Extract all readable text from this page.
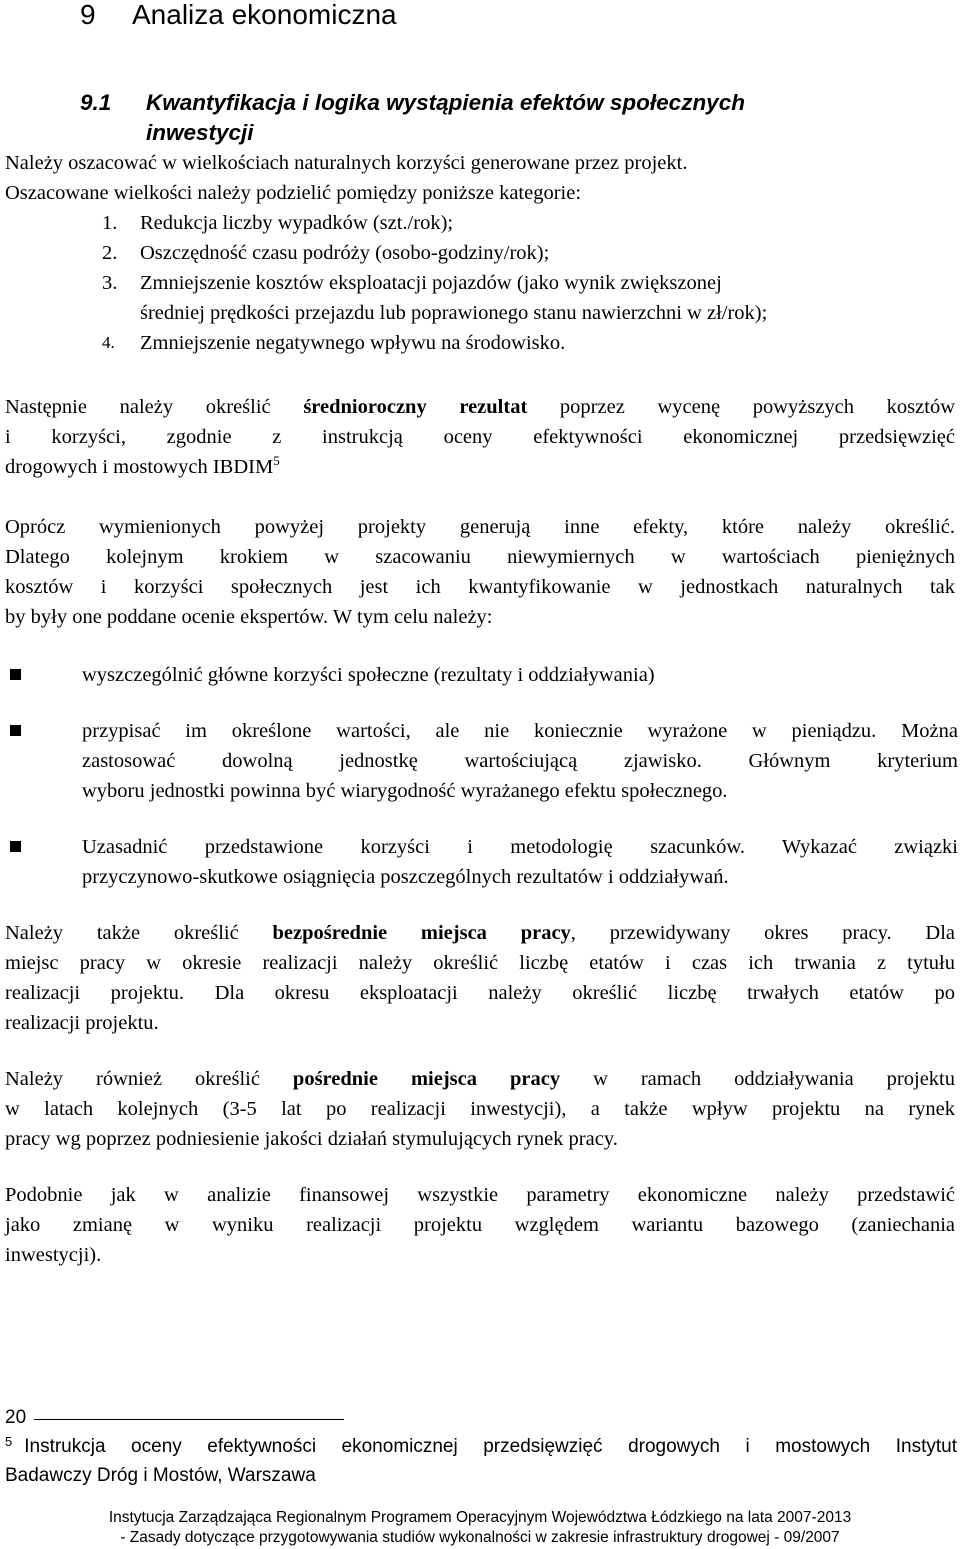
9 Analiza ekonomiczna
9.1 Kwantyfikacja i logika wystąpienia efektów społecznych
inwestycji
Należy oszacować w wielkościach naturalnych korzyści generowane przez projekt.
Oszacowane wielkości należy podzielić pomiędzy poniższe kategorie:
1.	Redukcja liczby wypadków (szt./rok);
2.	Oszczędność czasu podróży (osobo-godziny/rok);
3.	Zmniejszenie kosztów eksploatacji pojazdów (jako wynik zwiększonej
średniej prędkości przejazdu lub poprawionego stanu nawierzchni w zł/rok);
4.	Zmniejszenie negatywnego wpływu na środowisko.
Następnie należy określić średnioroczny rezultat poprzez wycenę powyższych kosztów
i korzyści, zgodnie z instrukcją oceny efektywności ekonomicznej przedsięwzięć
drogowych i mostowych IBDIM$^5$
Oprócz wymienionych powyżej projekty generują inne efekty, które należy określić.
Dlatego kolejnym krokiem w szacowaniu niewymiernych w wartościach pieniężnych
kosztów i korzyści społecznych jest ich kwantyfikowanie w jednostkach naturalnych tak
by były one poddane ocenie ekspertów. W tym celu należy:
wyszczególnić główne korzyści społeczne (rezultaty i oddziaływania)
przypisać im określone wartości, ale nie koniecznie wyrażone w pieniądzu. Można
zastosować dowolną jednostkę wartościującą zjawisko. Głównym kryterium
wyboru jednostki powinna być wiarygodność wyrażanego efektu społecznego.
Uzasadnić przedstawione korzyści i metodologię szacunków. Wykazać związki
przyczynowo-skutkowe osiągnięcia poszczególnych rezultatów i oddziaływań.
Należy także określić bezpośrednie miejsca pracy, przewidywany okres pracy. Dla
miejsc pracy w okresie realizacji należy określić liczbę etatów i czas ich trwania z tytułu
realizacji projektu. Dla okresu eksploatacji należy określić liczbę trwałych etatów po
realizacji projektu.
Należy również określić pośrednie miejsca pracy w ramach oddziaływania projektu
w latach kolejnych (3-5 lat po realizacji inwestycji), a także wpływ projektu na rynek
pracy wg poprzez podniesienie jakości działań stymulujących rynek pracy.
Podobnie jak w analizie finansowej wszystkie parametry ekonomiczne należy przedstawić
jako zmianę w wyniku realizacji projektu względem wariantu bazowego (zaniechania
inwestycji).
20
$^5$ Instrukcja oceny efektywności ekonomicznej przedsięwzięć drogowych i mostowych Instytut
Badawczy Dróg i Mostów, Warszawa
Instytucja Zarządzająca Regionalnym Programem Operacyjnym Województwa Łódzkiego na lata 2007-2013
- Zasady dotyczące przygotowywania studiów wykonalności w zakresie infrastruktury drogowej - 09/2007
